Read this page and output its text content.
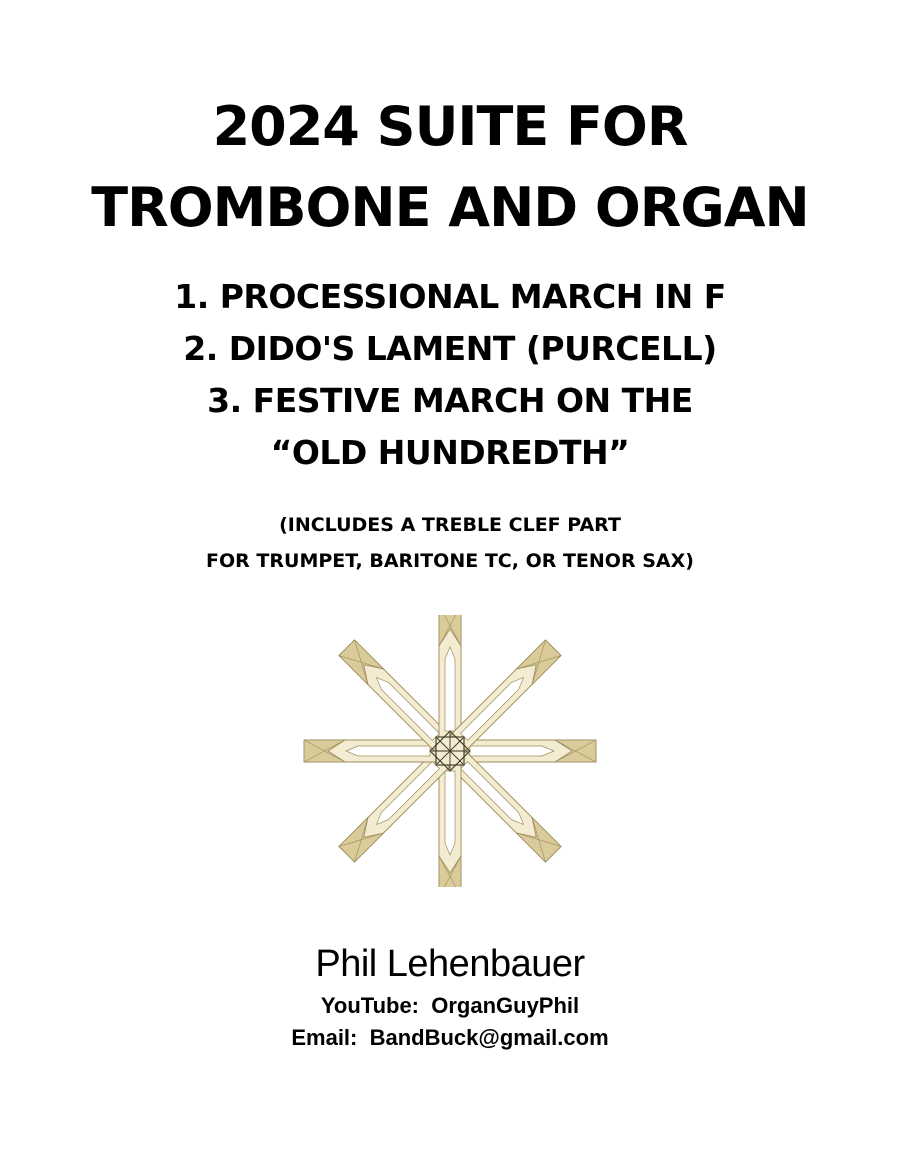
2024 SUITE FOR
TROMBONE AND ORGAN
1. PROCESSIONAL MARCH IN F
2. DIDO'S LAMENT (PURCELL)
3. FESTIVE MARCH ON THE
“OLD HUNDREDTH”
(INCLUDES A TREBLE CLEF PART
FOR TRUMPET, BARITONE TC, OR TENOR SAX)
Phil Lehenbauer
YouTube:  OrganGuyPhil
Email:  BandBuck@gmail.com
